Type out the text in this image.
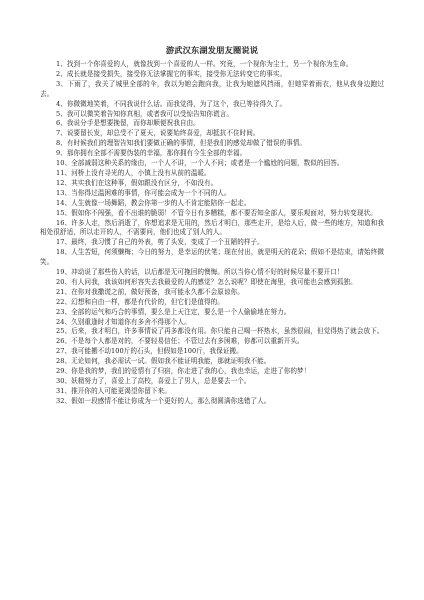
游武汉东湖发朋友圈说说

1、找到一个你喜爱的人，就像找到一个喜爱的人一样。究竟，一个视你为尘土，另一个视你为生命。

2、成长就是接受损失，接受你无法掌握它的事实，接受你无法转变它的事实。

3、下雨了，我关了城里全部的伞，我以为她会跑向我，让我为她遮风挡雨，但她穿着雨衣，他从我身边跑过去。

4、你微微地笑着，不同我说什么话。而我觉得，为了这个，我已等待得久了。

5、我可以微笑着告知你真相，或者我可以受惊告知你谎言。

6、我说分手是想要挽留，而你却顺便祝我自由。

7、说要留长发，却总受不了夏天，说要始终喜爱，却抵抗不住时间。

8、有时候我们的理智告知我们要做正确的事情，但是我们的感觉却做了错误的事情。

9、那你拥有全部不需要伪装的幸福，那你拥有今生全部的幸福。

10、全部减弱这种关系的缘由，一个人不讲，一个人不问；或者是一个尴尬的问题，数似的回答。

11、河桥上没有寻光的人，小镇上没有从前的温暖。

12、其实我们在这种事，假如跟没有区分，不如没有。

13、当你得过温困难的事情，你可能会成为一个不同的人。

14、人生就像一场舞蹈，教会你第一步的人不肯定能陪你一起走。

15、假如你不闯强，看不出谁的脆弱！不管今日有多糟糕，都不要否知全部人，要乐观面对，努力转变现状。

16、许多人走，然后消逝了，你想追求是无用的，然后才明白，那些走开，是给人后，做一些的地方，知道和我相处很舒适，所以走开的人，不需要问，他们也成了别人的人。

17、最终，我习惯了自己的外表，剪了头发，变成了一个丑陋的样子。

18、人生苦短，何须懒梅；今日的努力，是幸运的伏笔；现在付出，就是明天的花朵；假如不是结束，请始终微笑。

19、冲动说了那些伤人的话，以后都是无可挽回的懊悔。所以当你心情不好的时候尽量不要开口！

20、有人问我，我该如何形容失去我最爱的人的感觉？怎么说呢？即使在海里，我可能也会感到孤独。

21、在你对我撒谎之前，做好预备，我可能永久都不会原谅你。

22、幻想和自由一样，都是有代价的，但它们是值得的。

23、全部的运气和巧合的事情，要么是上天注定，要么是一个人偷偷地在努力。

24、久别重逢时才知道你有多舍不得那个人。

25、后来，我才明白，许多事情说了再多都没有用。你只能自己喝一杯热水，虽然很闹，但觉得热了就会放下。

26、不是每个人都是对的，不要轻易信任；不管过去有多困难，你都可以重新开头。

27、我可能搬不动100斤的石头，但假如是100斤，我保证搬。

28、无论如何，我必需试一试。假如我不能证明我能，那就证明我不能。

29、你是我的梦，我们的爱情有了归宿，你走进了我的心，我也幸运，走进了你的梦！

30、妖精努力了，喜爱上了高校，喜爱上了男人，总是要去一个。

31、推开你的人可能更渴望你留下来。

32、假如一段感情不能让你成为一个更好的人，那么彻圆满你选错了人。
